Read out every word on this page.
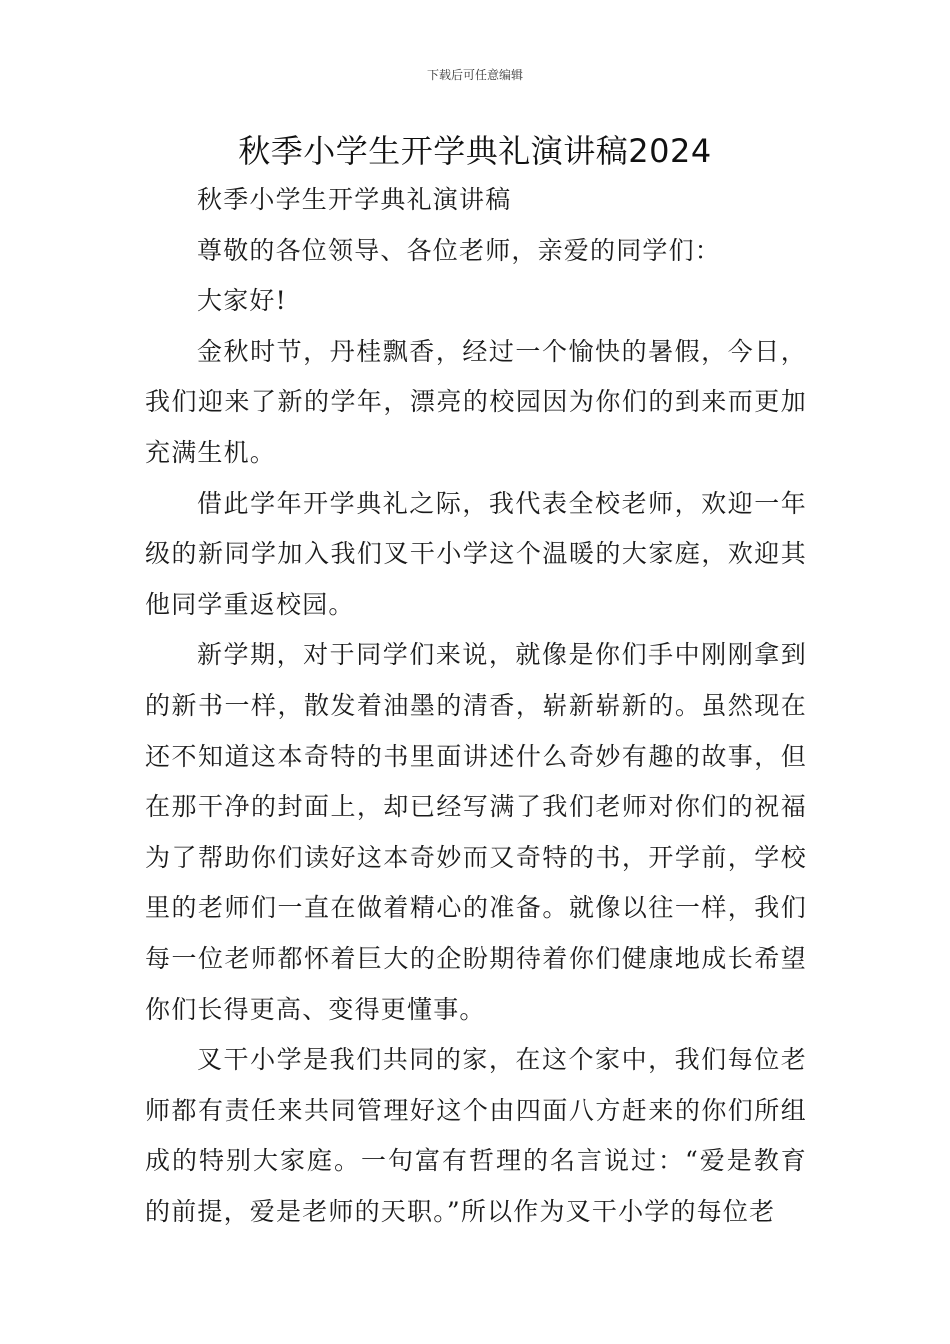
下载后可任意编辑
秋季小学生开学典礼演讲稿2024

秋季小学生开学典礼演讲稿

尊敬的各位领导、各位老师，亲爱的同学们：

大家好!

金秋时节，丹桂飘香，经过一个愉快的暑假，今日，我们迎来了新的学年，漂亮的校园因为你们的到来而更加充满生机。

借此学年开学典礼之际，我代表全校老师，欢迎一年级的新同学加入我们叉干小学这个温暖的大家庭，欢迎其他同学重返校园。

新学期，对于同学们来说，就像是你们手中刚刚拿到的新书一样，散发着油墨的清香，崭新崭新的。虽然现在还不知道这本奇特的书里面讲述什么奇妙有趣的故事，但在那干净的封面上，却已经写满了我们老师对你们的祝福为了帮助你们读好这本奇妙而又奇特的书，开学前，学校里的老师们一直在做着精心的准备。就像以往一样，我们每一位老师都怀着巨大的企盼期待着你们健康地成长希望你们长得更高、变得更懂事。

叉干小学是我们共同的家，在这个家中，我们每位老师都有责任来共同管理好这个由四面八方赶来的你们所组成的特别大家庭。一句富有哲理的名言说过：“爱是教育的前提，爱是老师的天职。”所以作为叉干小学的每位老
